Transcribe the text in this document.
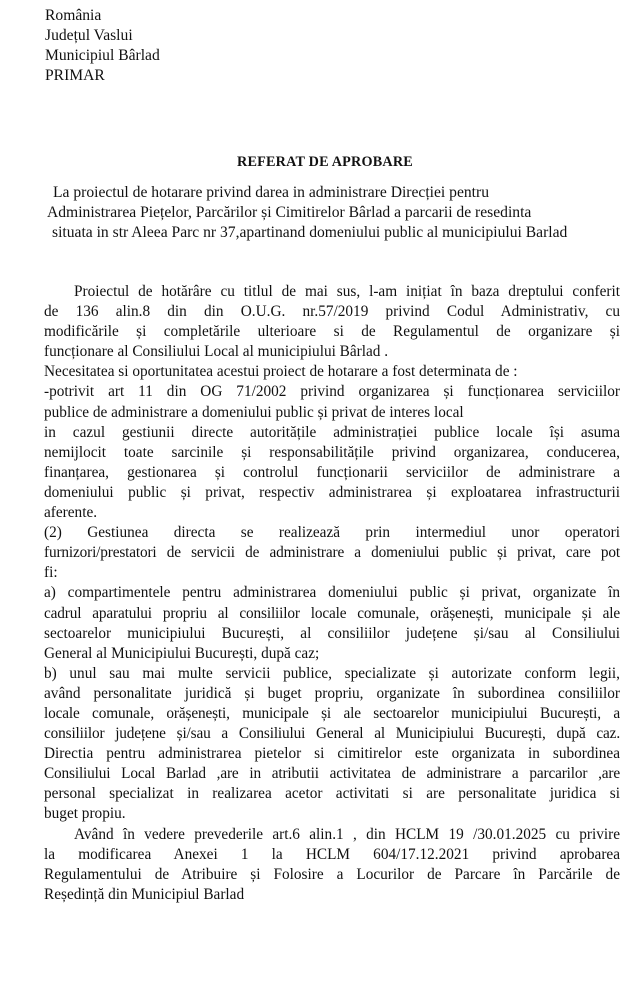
România
Județul Vaslui
Municipiul Bârlad
PRIMAR
REFERAT DE APROBARE
La proiectul de hotarare privind darea in administrare Direcției pentru
Administrarea Piețelor, Parcărilor și Cimitirelor Bârlad a parcarii de resedinta
situata in str Aleea Parc nr 37,apartinand domeniului public al municipiului Barlad
Proiectul de hotărâre cu titlul de mai sus, l-am inițiat în baza dreptului conferit
de 136 alin.8 din din O.U.G. nr.57/2019 privind Codul Administrativ, cu
modificările și completările ulterioare si de Regulamentul de organizare și
funcționare al Consiliului Local al municipiului Bârlad .
Necesitatea si oportunitatea acestui proiect de hotarare a fost determinata de :
-potrivit art 11 din OG 71/2002 privind organizarea și funcționarea serviciilor
publice de administrare a domeniului public și privat de interes local
in cazul gestiunii directe autoritățile administrației publice locale își asuma
nemijlocit toate sarcinile și responsabilitățile privind organizarea, conducerea,
finanțarea, gestionarea și controlul funcționarii serviciilor de administrare a
domeniului public și privat, respectiv administrarea și exploatarea infrastructurii
aferente.
(2) Gestiunea directa se realizează prin intermediul unor operatori
furnizori/prestatori de servicii de administrare a domeniului public și privat, care pot
fi:
a) compartimentele pentru administrarea domeniului public și privat, organizate în
cadrul aparatului propriu al consiliilor locale comunale, orășenești, municipale și ale
sectoarelor municipiului București, al consiliilor județene și/sau al Consiliului
General al Municipiului București, după caz;
b) unul sau mai multe servicii publice, specializate și autorizate conform legii,
având personalitate juridică și buget propriu, organizate în subordinea consiliilor
locale comunale, orășenești, municipale și ale sectoarelor municipiului București, a
consiliilor județene și/sau a Consiliului General al Municipiului București, după caz.
Directia pentru administrarea pietelor si cimitirelor este organizata in subordinea
Consiliului Local Barlad ,are in atributii activitatea de administrare a parcarilor ,are
personal specializat in realizarea acetor activitati si are personalitate juridica si
buget propiu.
Având în vedere prevederile art.6 alin.1 , din HCLM 19 /30.01.2025 cu privire
la modificarea Anexei 1 la HCLM 604/17.12.2021 privind aprobarea
Regulamentului de Atribuire și Folosire a Locurilor de Parcare în Parcările de
Reședință din Municipiul Barlad
